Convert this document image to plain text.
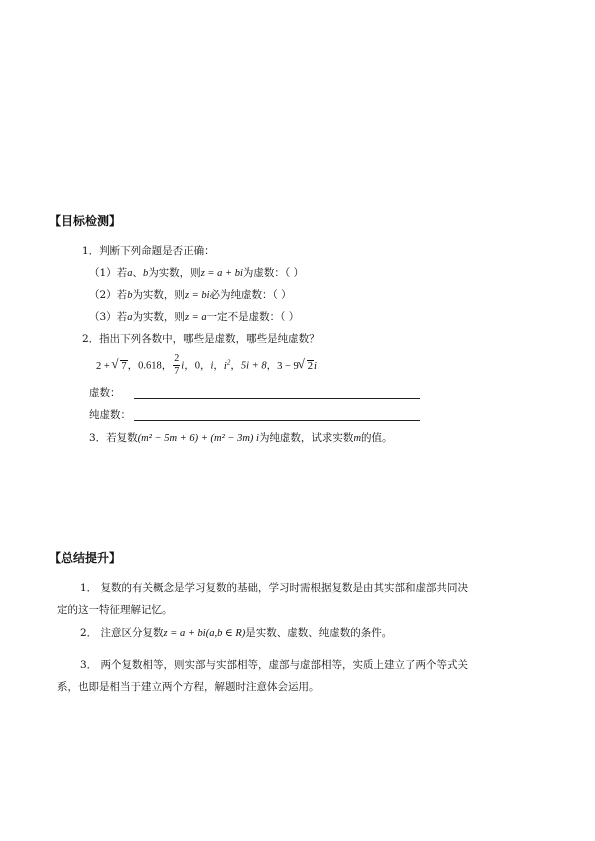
【目标检测】
1．判断下列命题是否正确：
（1）若a、b为实数，则z = a + bi为虚数：（ ）
（2）若b为实数，则z = bi必为纯虚数：（ ）
（3）若a为实数，则z = a一定不是虚数：（ ）
2．指出下列各数中，哪些是虚数，哪些是纯虚数？
2 + √ 7，0.618， $\frac{2}{7}$ i，0，i，$i^2$，5i + 8，3 − 9√ 2i
虚数：
纯虚数：
3．若复数(m² − 5m + 6) + (m² − 3m) i为纯虚数，试求实数m的值。
【总结提升】
1． 复数的有关概念是学习复数的基础，学习时需根据复数是由其实部和虚部共同决
定的这一特征理解记忆。
2． 注意区分复数z = a + bi(a,b ∈ R)是实数、虚数、纯虚数的条件。
3． 两个复数相等，则实部与实部相等，虚部与虚部相等，实质上建立了两个等式关
系，也即是相当于建立两个方程，解题时注意体会运用。
